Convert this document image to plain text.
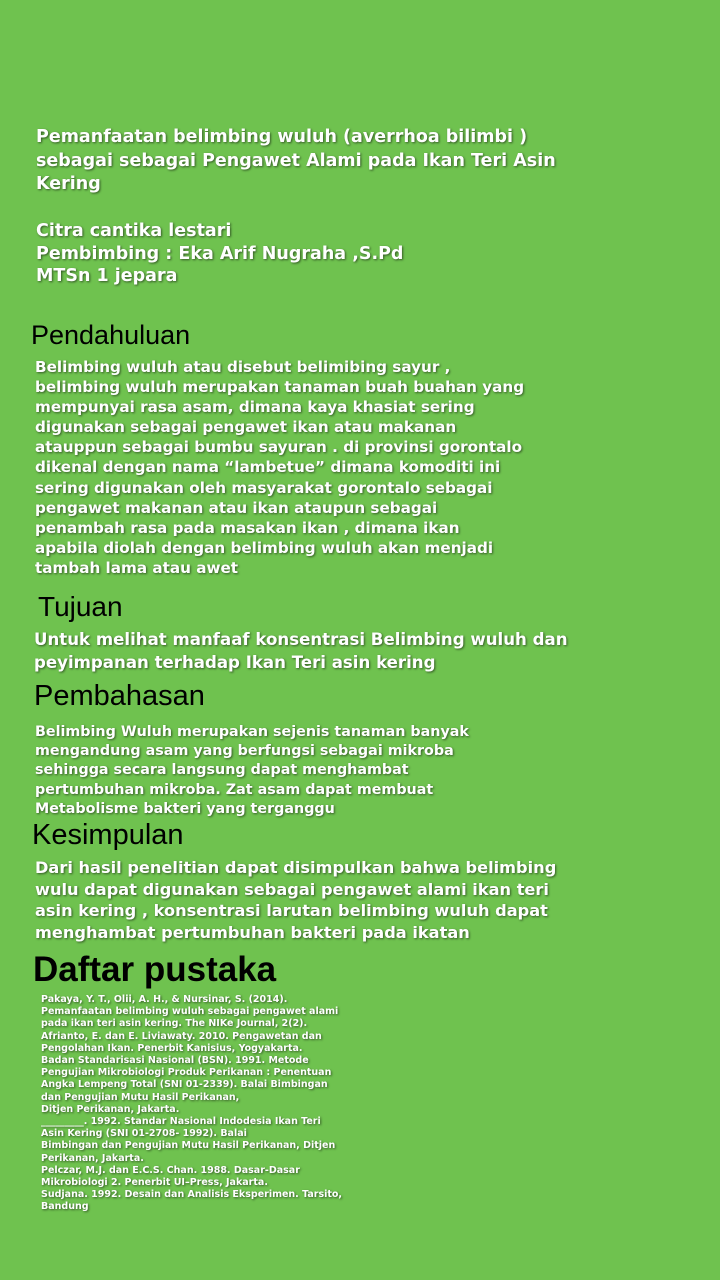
Pemanfaatan belimbing wuluh (averrhoa bilimbi )
sebagai sebagai Pengawet Alami pada Ikan Teri Asin
Kering

Citra cantika lestari
Pembimbing : Eka Arif Nugraha ,S.Pd
MTSn 1 jepara

Pendahuluan

Belimbing wuluh atau disebut belimibing sayur ,
belimbing wuluh merupakan tanaman buah buahan yang
mempunyai rasa asam, dimana kaya khasiat sering
digunakan sebagai pengawet ikan atau makanan
atauppun sebagai bumbu sayuran . di provinsi gorontalo
dikenal dengan nama “lambetue” dimana komoditi ini
sering digunakan oleh masyarakat gorontalo sebagai
pengawet makanan atau ikan ataupun sebagai
penambah rasa pada masakan ikan , dimana ikan
apabila diolah dengan belimbing wuluh akan menjadi
tambah lama atau awet

Tujuan

Untuk melihat manfaaf konsentrasi Belimbing wuluh dan
peyimpanan terhadap Ikan Teri asin kering

Pembahasan

Belimbing Wuluh merupakan sejenis tanaman banyak
mengandung asam yang berfungsi sebagai mikroba
sehingga secara langsung dapat menghambat
pertumbuhan mikroba. Zat asam dapat membuat
Metabolisme bakteri yang terganggu

Kesimpulan

Dari hasil penelitian dapat disimpulkan bahwa belimbing
wulu dapat digunakan sebagai pengawet alami ikan teri
asin kering , konsentrasi larutan belimbing wuluh dapat
menghambat pertumbuhan bakteri pada ikatan

Daftar pustaka

Pakaya, Y. T., Olii, A. H., & Nursinar, S. (2014).
Pemanfaatan belimbing wuluh sebagai pengawet alami
pada ikan teri asin kering. The NIKe Journal, 2(2).
Afrianto, E. dan E. Liviawaty. 2010. Pengawetan dan
Pengolahan Ikan. Penerbit Kanisius, Yogyakarta.
Badan Standarisasi Nasional (BSN). 1991. Metode
Pengujian Mikrobiologi Produk Perikanan : Penentuan
Angka Lempeng Total (SNI 01-2339). Balai Bimbingan
dan Pengujian Mutu Hasil Perikanan,
Ditjen Perikanan, Jakarta.
_________. 1992. Standar Nasional Indodesia Ikan Teri
Asin Kering (SNI 01-2708- 1992). Balai
Bimbingan dan Pengujian Mutu Hasil Perikanan, Ditjen
Perikanan, Jakarta.
Pelczar, M.J. dan E.C.S. Chan. 1988. Dasar-Dasar
Mikrobiologi 2. Penerbit UI–Press, Jakarta.
Sudjana. 1992. Desain dan Analisis Eksperimen. Tarsito,
Bandung
